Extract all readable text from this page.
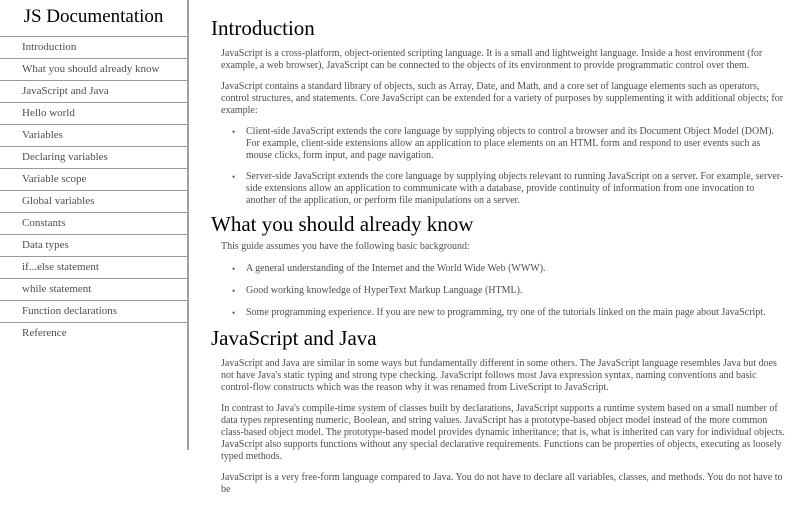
JS Documentation
Introduction
What you should already know
JavaScript and Java
Hello world
Variables
Declaring variables
Variable scope
Global variables
Constants
Data types
if...else statement
while statement
Function declarations
Reference
Introduction

JavaScript is a cross-platform, object-oriented scripting language. It is a small and lightweight language. Inside a host environment (for example, a web browser), JavaScript can be connected to the objects of its environment to provide programmatic control over them.

JavaScript contains a standard library of objects, such as Array, Date, and Math, and a core set of language elements such as operators, control structures, and statements. Core JavaScript can be extended for a variety of purposes by supplementing it with additional objects; for example:

• Client-side JavaScript extends the core language by supplying objects to control a browser and its Document Object Model (DOM). For example, client-side extensions allow an application to place elements on an HTML form and respond to user events such as mouse clicks, form input, and page navigation.
• Server-side JavaScript extends the core language by supplying objects relevant to running JavaScript on a server. For example, server-side extensions allow an application to communicate with a database, provide continuity of information from one invocation to another of the application, or perform file manipulations on a server.
What you should already know

This guide assumes you have the following basic background:

• A general understanding of the Internet and the World Wide Web (WWW).
• Good working knowledge of HyperText Markup Language (HTML).
• Some programming experience. If you are new to programming, try one of the tutorials linked on the main page about JavaScript.
JavaScript and Java

JavaScript and Java are similar in some ways but fundamentally different in some others. The JavaScript language resembles Java but does not have Java's static typing and strong type checking. JavaScript follows most Java expression syntax, naming conventions and basic control-flow constructs which was the reason why it was renamed from LiveScript to JavaScript.

In contrast to Java's compile-time system of classes built by declarations, JavaScript supports a runtime system based on a small number of data types representing numeric, Boolean, and string values. JavaScript has a prototype-based object model instead of the more common class-based object model. The prototype-based model provides dynamic inheritance; that is, what is inherited can vary for individual objects. JavaScript also supports functions without any special declarative requirements. Functions can be properties of objects, executing as loosely typed methods.

JavaScript is a very free-form language compared to Java. You do not have to declare all variables, classes, and methods. You do not have to be
